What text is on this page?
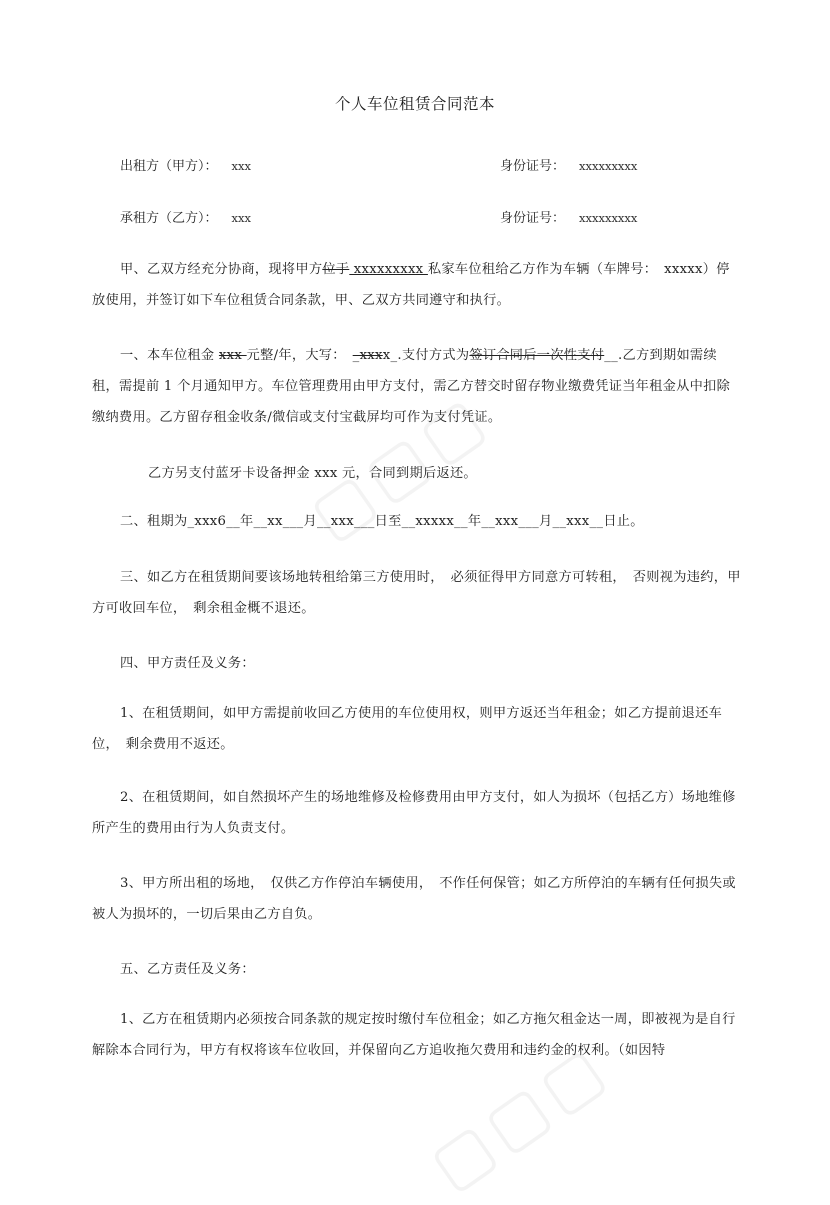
个人车位租赁合同范本
出租方（甲方）： xxx	身份证号： xxxxxxxxx
承租方（乙方）： xxx	身份证号： xxxxxxxxx
甲、乙双方经充分协商，现将甲方位于 xxxxxxxxx 私家车位租给乙方作为车辆（车牌号：　xxxxx）停放使用，并签订如下车位租赁合同条款，甲、乙双方共同遵守和执行。
一、本车位租金 xxx 元整/年，大写：　_xxxx_.支付方式为签订合同后一次性支付__.乙方到期如需续租，需提前 1 个月通知甲方。车位管理费用由甲方支付，需乙方替交时留存物业缴费凭证当年租金从中扣除缴纳费用。乙方留存租金收条/微信或支付宝截屏均可作为支付凭证。
乙方另支付蓝牙卡设备押金 xxx 元，合同到期后返还。
二、租期为_xxx6__年__xx___月__xxx___日至__xxxxx__年__xxx___月__xxx__日止。
三、如乙方在租赁期间要该场地转租给第三方使用时，　必须征得甲方同意方可转租，　否则视为违约，甲方可收回车位，　剩余租金概不退还。
四、甲方责任及义务：
1、在租赁期间，如甲方需提前收回乙方使用的车位使用权，则甲方返还当年租金；如乙方提前退还车位，　剩余费用不返还。
2、在租赁期间，如自然损坏产生的场地维修及检修费用由甲方支付，如人为损坏（包括乙方）场地维修所产生的费用由行为人负责支付。
3、甲方所出租的场地，　仅供乙方作停泊车辆使用，　不作任何保管；如乙方所停泊的车辆有任何损失或被人为损坏的，一切后果由乙方自负。
五、乙方责任及义务：
1、乙方在租赁期内必须按合同条款的规定按时缴付车位租金；如乙方拖欠租金达一周，即被视为是自行解除本合同行为，甲方有权将该车位收回，并保留向乙方追收拖欠费用和违约金的权利。（如因特
